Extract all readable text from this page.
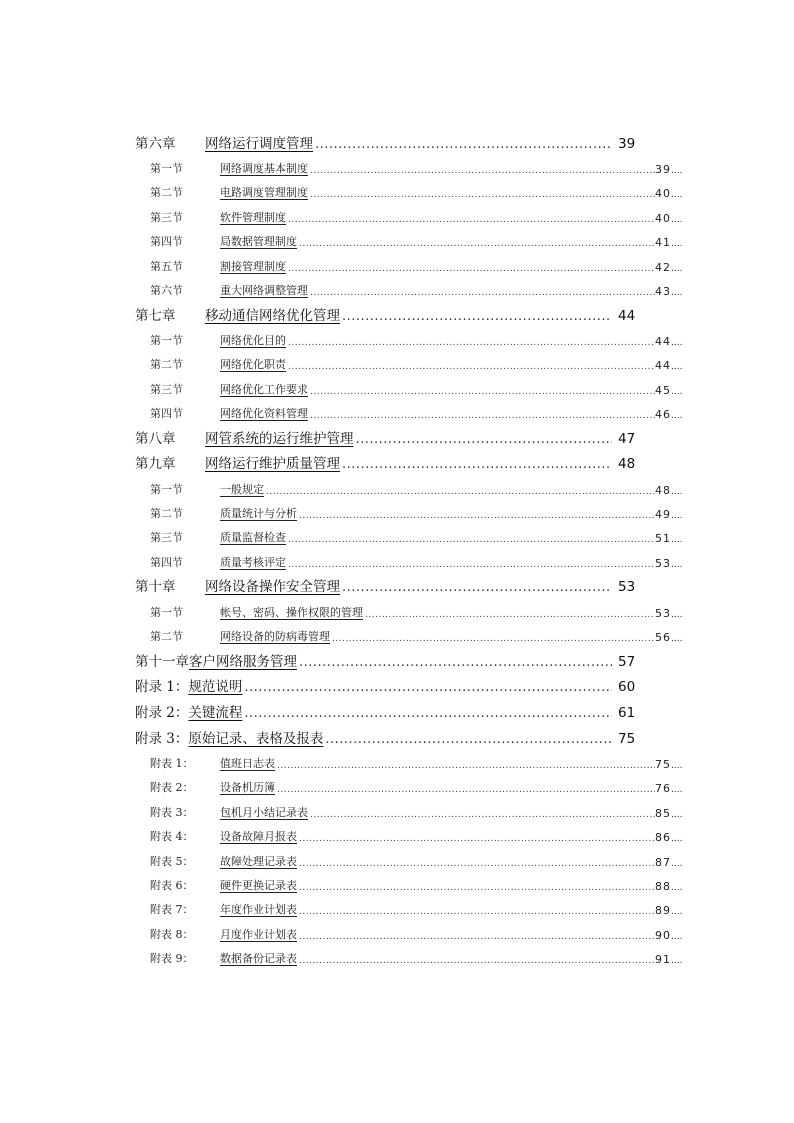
第六章 网络运行调度管理 .....	39
第一节	网络调度基本制度 .....	39 ....
第二节	电路调度管理制度 .....	40 ....
第三节	软件管理制度 .....	40 ....
第四节	局数据管理制度 .....	41 ....
第五节	割接管理制度 .....	42 ....
第六节	重大网络调整管理 .....	43 ....
第七章 移动通信网络优化管理 .....	44
第一节	网络优化目的 .....	44 ....
第二节	网络优化职责 .....	44 ....
第三节	网络优化工作要求 .....	45 ....
第四节	网络优化资料管理 .....	46 ....
第八章 网管系统的运行维护管理 .....	47
第九章 网络运行维护质量管理 .....	48
第一节	一般规定 .....	48 ....
第二节	质量统计与分析 .....	49 ....
第三节	质量监督检查 .....	51 ....
第四节	质量考核评定 .....	53 ....
第十章 网络设备操作安全管理 .....	53
第一节	帐号、密码、操作权限的管理 .....	53 ....
第二节	网络设备的防病毒管理 .....	56 ....
第十一章客户网络服务管理 .....	57
附录 1：规范说明 .....	60
附录 2：关键流程 .....	61
附录 3：原始记录、表格及报表 .....	75
附表 1： 值班日志表 .....	75 ....
附表 2： 设备机历簿 .....	76 ....
附表 3： 包机月小结记录表 .....	85 ....
附表 4： 设备故障月报表 .....	86 ....
附表 5： 故障处理记录表 .....	87 ....
附表 6： 硬件更换记录表 .....	88 ....
附表 7： 年度作业计划表 .....	89 ....
附表 8： 月度作业计划表 .....	90 ....
附表 9： 数据备份记录表 .....	91 ....
